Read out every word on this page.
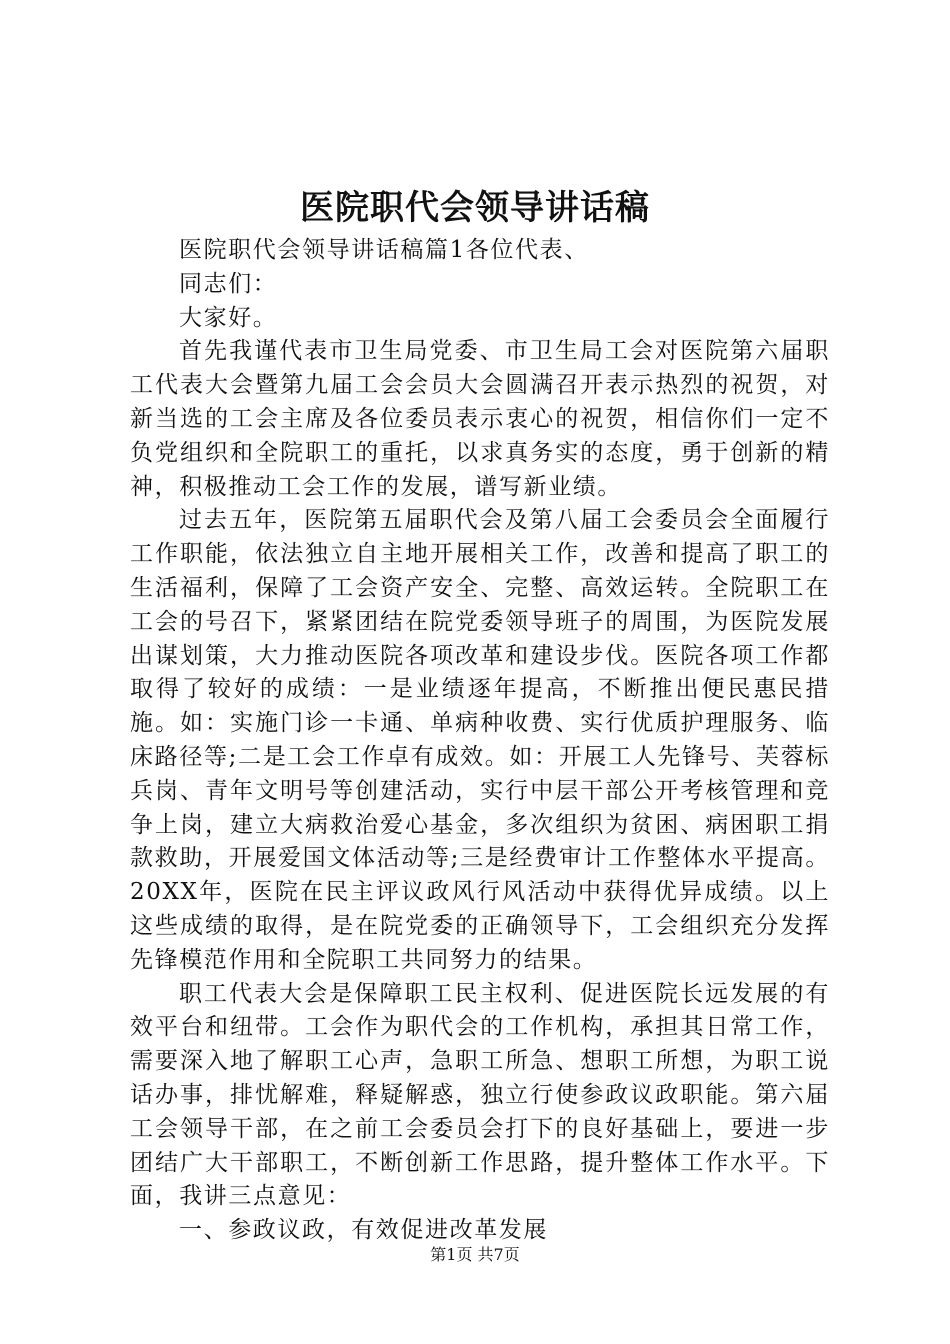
医院职代会领导讲话稿

医院职代会领导讲话稿篇1各位代表、

同志们：

大家好。

首先我谨代表市卫生局党委、市卫生局工会对医院第六届职工代表大会暨第九届工会会员大会圆满召开表示热烈的祝贺，对新当选的工会主席及各位委员表示衷心的祝贺，相信你们一定不负党组织和全院职工的重托，以求真务实的态度，勇于创新的精神，积极推动工会工作的发展，谱写新业绩。

过去五年，医院第五届职代会及第八届工会委员会全面履行工作职能，依法独立自主地开展相关工作，改善和提高了职工的生活福利，保障了工会资产安全、完整、高效运转。全院职工在工会的号召下，紧紧团结在院党委领导班子的周围，为医院发展出谋划策，大力推动医院各项改革和建设步伐。医院各项工作都取得了较好的成绩：一是业绩逐年提高，不断推出便民惠民措施。如：实施门诊一卡通、单病种收费、实行优质护理服务、临床路径等;二是工会工作卓有成效。如：开展工人先锋号、芙蓉标兵岗、青年文明号等创建活动，实行中层干部公开考核管理和竞争上岗，建立大病救治爱心基金，多次组织为贫困、病困职工捐款救助，开展爱国文体活动等;三是经费审计工作整体水平提高。20XX年，医院在民主评议政风行风活动中获得优异成绩。以上这些成绩的取得，是在院党委的正确领导下，工会组织充分发挥先锋模范作用和全院职工共同努力的结果。

职工代表大会是保障职工民主权利、促进医院长远发展的有效平台和纽带。工会作为职代会的工作机构，承担其日常工作，需要深入地了解职工心声，急职工所急、想职工所想，为职工说话办事，排忧解难，释疑解惑，独立行使参政议政职能。第六届工会领导干部，在之前工会委员会打下的良好基础上，要进一步团结广大干部职工，不断创新工作思路，提升整体工作水平。下面，我讲三点意见：

一、参政议政，有效促进改革发展

第1页 共7页
